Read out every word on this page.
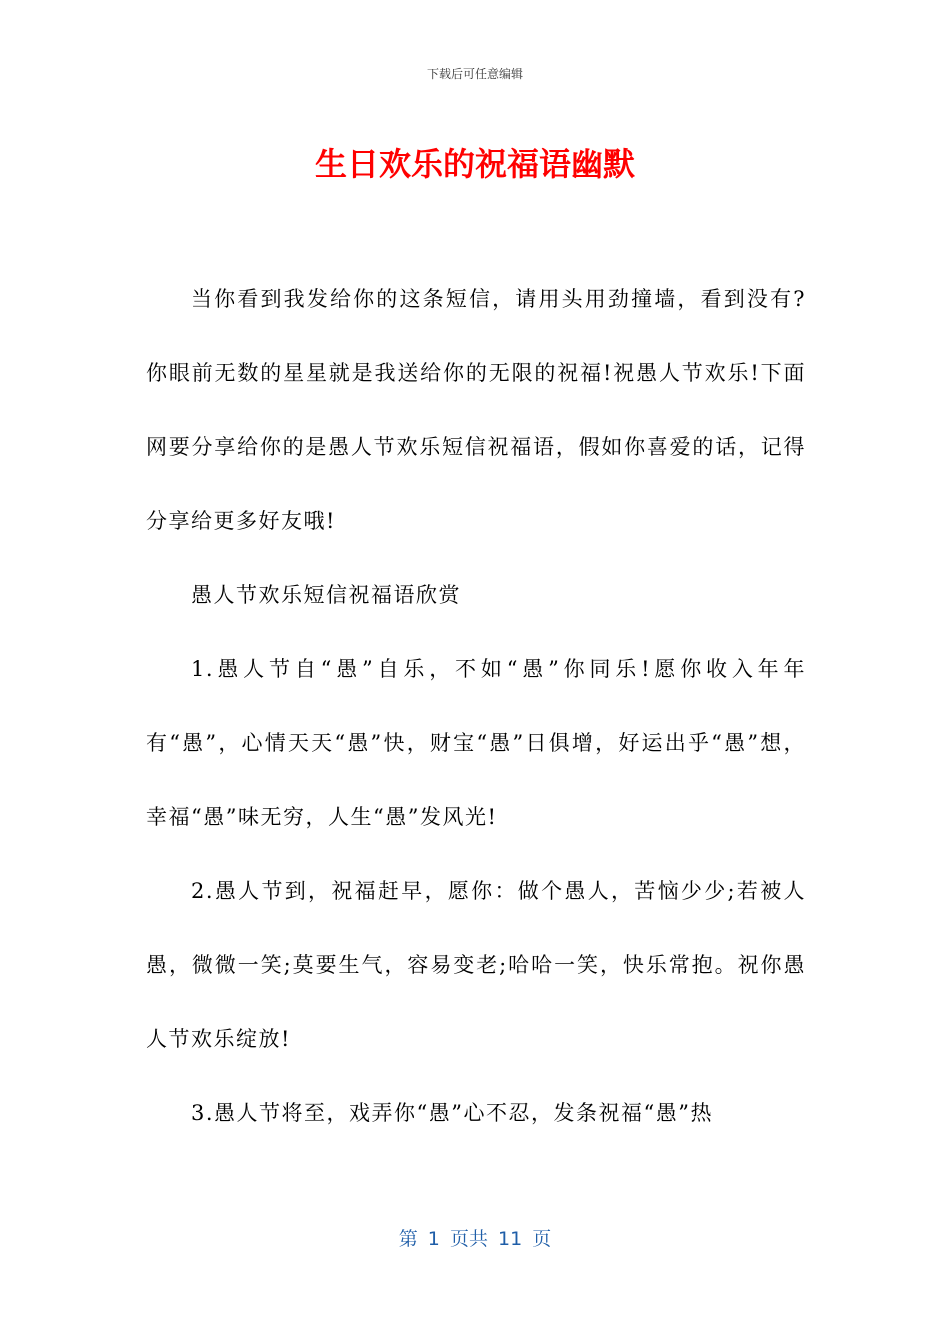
下载后可任意编辑
生日欢乐的祝福语幽默

当你看到我发给你的这条短信，请用头用劲撞墙，看到没有?你眼前无数的星星就是我送给你的无限的祝福!祝愚人节欢乐!下面网要分享给你的是愚人节欢乐短信祝福语，假如你喜爱的话，记得分享给更多好友哦!

愚人节欢乐短信祝福语欣赏

1.愚人节自“愚”自乐，不如“愚”你同乐!愿你收入年年有“愚”，心情天天“愚”快，财宝“愚”日俱增，好运出乎“愚”想，幸福“愚”味无穷，人生“愚”发风光!

2.愚人节到，祝福赶早，愿你：做个愚人，苦恼少少;若被人愚，微微一笑;莫要生气，容易变老;哈哈一笑，快乐常抱。祝你愚人节欢乐绽放!

3.愚人节将至，戏弄你“愚”心不忍，发条祝福“愚”热

第 1 页共 11 页
